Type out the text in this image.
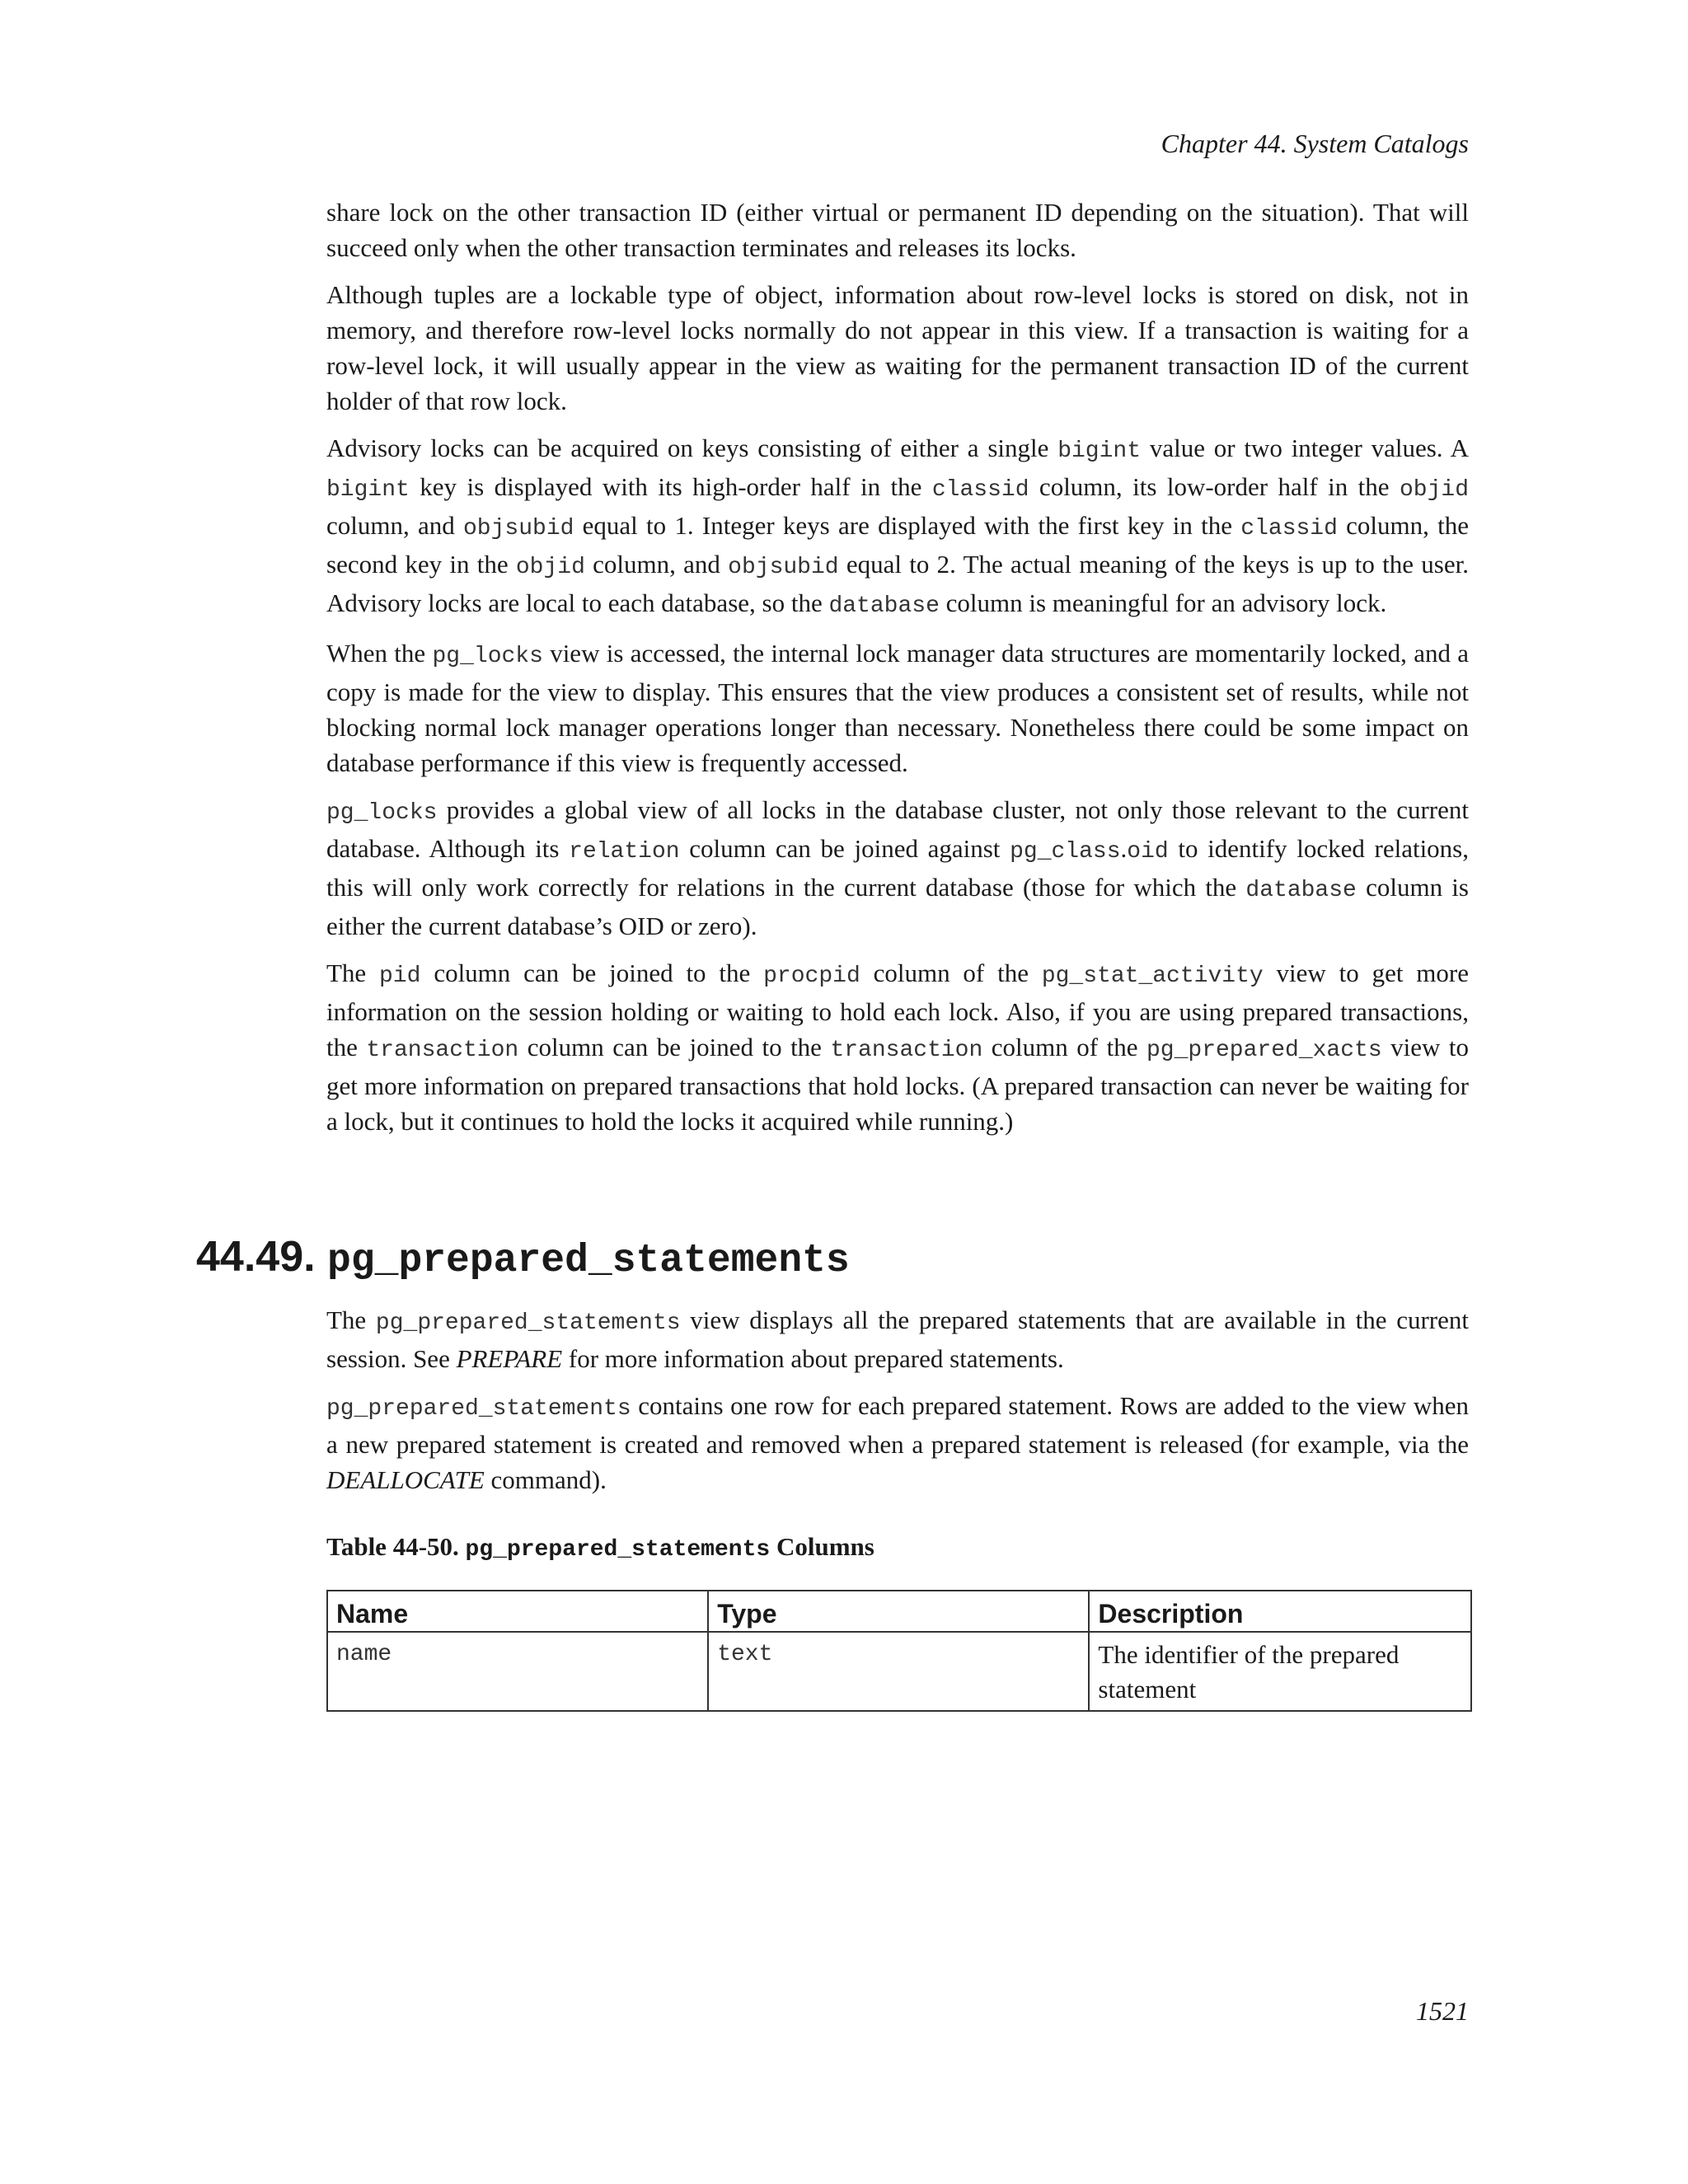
Chapter 44. System Catalogs

share lock on the other transaction ID (either virtual or permanent ID depending on the situation). That will succeed only when the other transaction terminates and releases its locks.

Although tuples are a lockable type of object, information about row-level locks is stored on disk, not in memory, and therefore row-level locks normally do not appear in this view. If a transaction is waiting for a row-level lock, it will usually appear in the view as waiting for the permanent transaction ID of the current holder of that row lock.

Advisory locks can be acquired on keys consisting of either a single bigint value or two integer values. A bigint key is displayed with its high-order half in the classid column, its low-order half in the objid column, and objsubid equal to 1. Integer keys are displayed with the first key in the classid column, the second key in the objid column, and objsubid equal to 2. The actual meaning of the keys is up to the user. Advisory locks are local to each database, so the database column is meaningful for an advisory lock.

When the pg_locks view is accessed, the internal lock manager data structures are momentarily locked, and a copy is made for the view to display. This ensures that the view produces a consistent set of results, while not blocking normal lock manager operations longer than necessary. Nonetheless there could be some impact on database performance if this view is frequently accessed.

pg_locks provides a global view of all locks in the database cluster, not only those relevant to the current database. Although its relation column can be joined against pg_class.oid to identify locked relations, this will only work correctly for relations in the current database (those for which the database column is either the current database’s OID or zero).

The pid column can be joined to the procpid column of the pg_stat_activity view to get more information on the session holding or waiting to hold each lock. Also, if you are using prepared transactions, the transaction column can be joined to the transaction column of the pg_prepared_xacts view to get more information on prepared transactions that hold locks. (A prepared transaction can never be waiting for a lock, but it continues to hold the locks it acquired while running.)

44.49. pg_prepared_statements

The pg_prepared_statements view displays all the prepared statements that are available in the current session. See PREPARE for more information about prepared statements.

pg_prepared_statements contains one row for each prepared statement. Rows are added to the view when a new prepared statement is created and removed when a prepared statement is released (for example, via the DEALLOCATE command).

Table 44-50. pg_prepared_statements Columns
Name	Type	Description
name	text	The identifier of the prepared statement
1521
